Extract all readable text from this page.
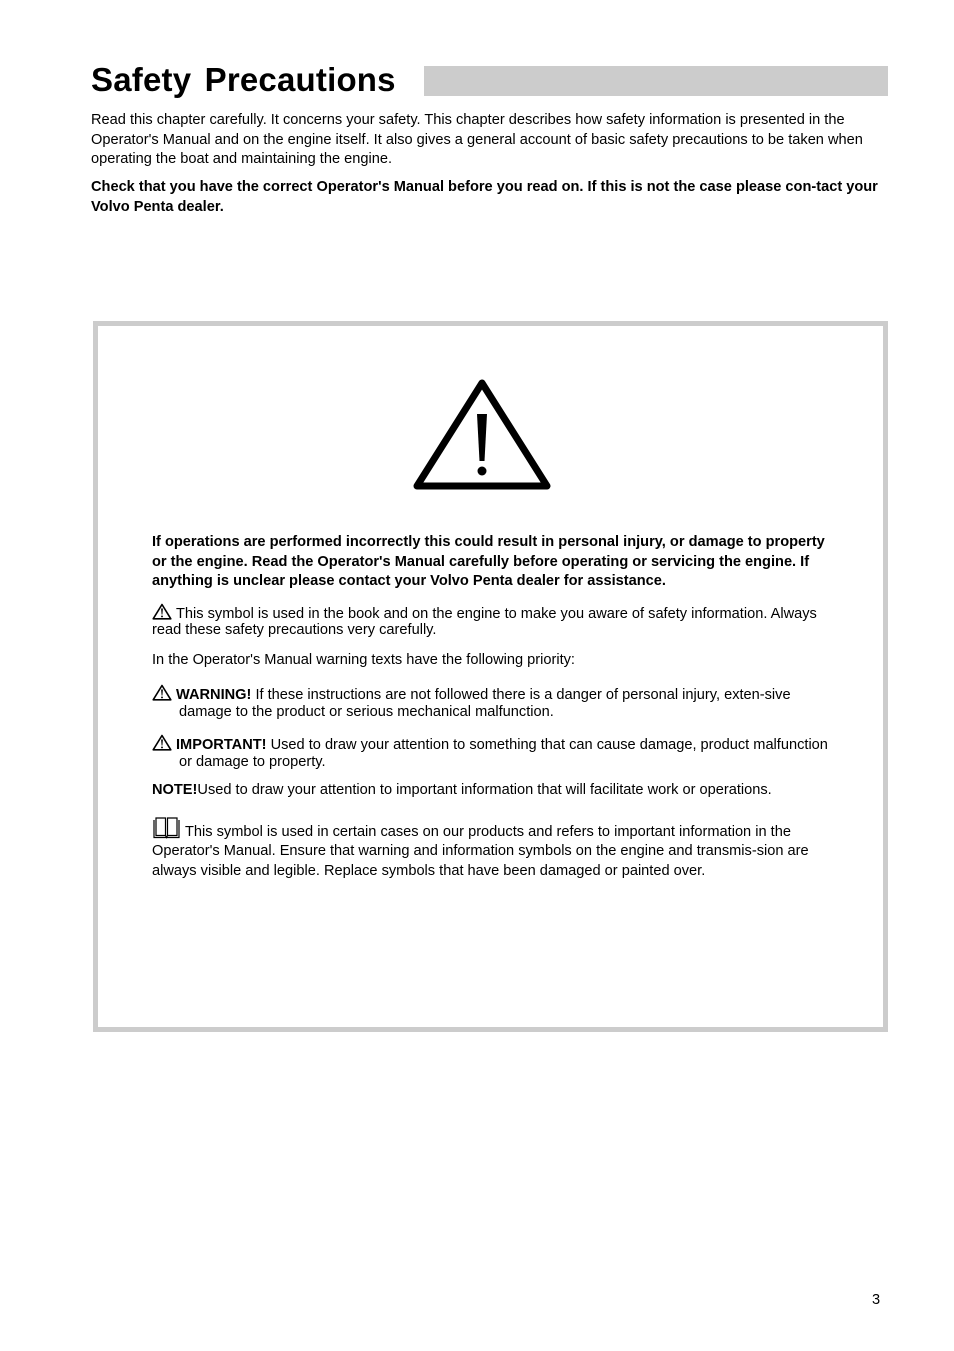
Safety Precautions

Read this chapter carefully. It concerns your safety. This chapter describes how safety information is presented in the Operator's Manual and on the engine itself. It also gives a general account of basic safety precautions to be taken when operating the boat and maintaining the engine.

Check that you have the correct Operator's Manual before you read on. If this is not the case please con-tact your Volvo Penta dealer.

If operations are performed incorrectly this could result in personal injury, or damage to property or the engine. Read the Operator's Manual carefully before operating or servicing the engine. If anything is unclear please contact your Volvo Penta dealer for assistance.

This symbol is used in the book and on the engine to make you aware of safety information. Always read these safety precautions very carefully.

In the Operator's Manual warning texts have the following priority:

WARNING! If these instructions are not followed there is a danger of personal injury, exten-sive damage to the product or serious mechanical malfunction.

IMPORTANT! Used to draw your attention to something that can cause damage, product malfunction or damage to property.

NOTE!Used to draw your attention to important information that will facilitate work or operations.

This symbol is used in certain cases on our products and refers to important information in the Operator's Manual. Ensure that warning and information symbols on the engine and transmis-sion are always visible and legible. Replace symbols that have been damaged or painted over.

3
